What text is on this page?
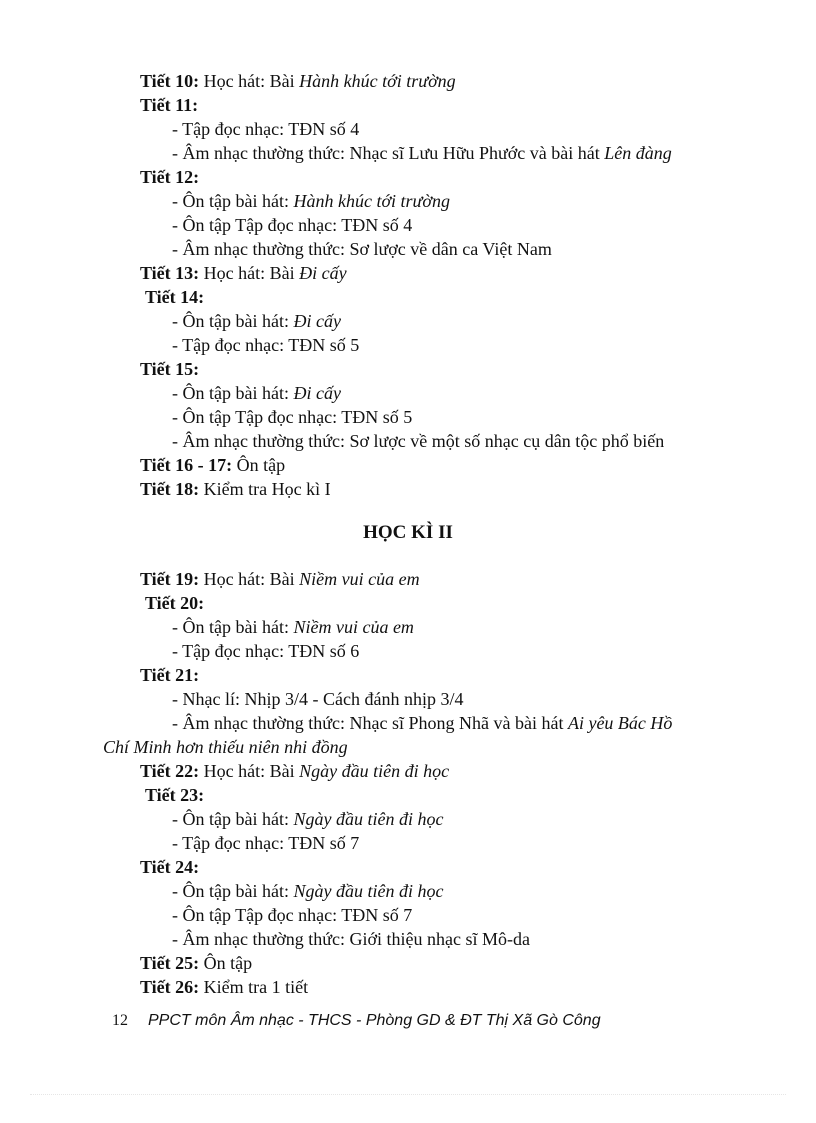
Tiết 10: Học hát: Bài Hành khúc tới trường
Tiết 11:
- Tập đọc nhạc: TĐN số 4
- Âm nhạc thường thức: Nhạc sĩ Lưu Hữu Phước và bài hát Lên đàng
Tiết 12:
- Ôn tập bài hát: Hành khúc tới trường
- Ôn tập Tập đọc nhạc: TĐN số 4
- Âm nhạc thường thức: Sơ lược về dân ca Việt Nam
Tiết 13: Học hát: Bài Đi cấy
Tiết 14:
- Ôn tập bài hát: Đi cấy
- Tập đọc nhạc: TĐN số 5
Tiết 15:
- Ôn tập bài hát: Đi cấy
- Ôn tập Tập đọc nhạc: TĐN số 5
- Âm nhạc thường thức: Sơ lược về một số nhạc cụ dân tộc phổ biến
Tiết 16 - 17: Ôn tập
Tiết 18: Kiểm tra Học kì I
Tiết 19: Học hát: Bài Niềm vui của em
Tiết 20:
- Ôn tập bài hát: Niềm vui của em
- Tập đọc nhạc: TĐN số 6
Tiết 21:
- Nhạc lí: Nhịp 3/4 - Cách đánh nhịp 3/4
- Âm nhạc thường thức: Nhạc sĩ Phong Nhã và bài hát Ai yêu Bác Hồ
Chí Minh hơn thiếu niên nhi đồng
Tiết 22: Học hát: Bài Ngày đầu tiên đi học
Tiết 23:
- Ôn tập bài hát: Ngày đầu tiên đi học
- Tập đọc nhạc: TĐN số 7
Tiết 24:
- Ôn tập bài hát: Ngày đầu tiên đi học
- Ôn tập Tập đọc nhạc: TĐN số 7
- Âm nhạc thường thức: Giới thiệu nhạc sĩ Mô-da
Tiết 25: Ôn tập
Tiết 26: Kiểm tra 1 tiết
HỌC KÌ II
12 PPCT môn Âm nhạc - THCS - Phòng GD & ĐT Thị Xã Gò Công
